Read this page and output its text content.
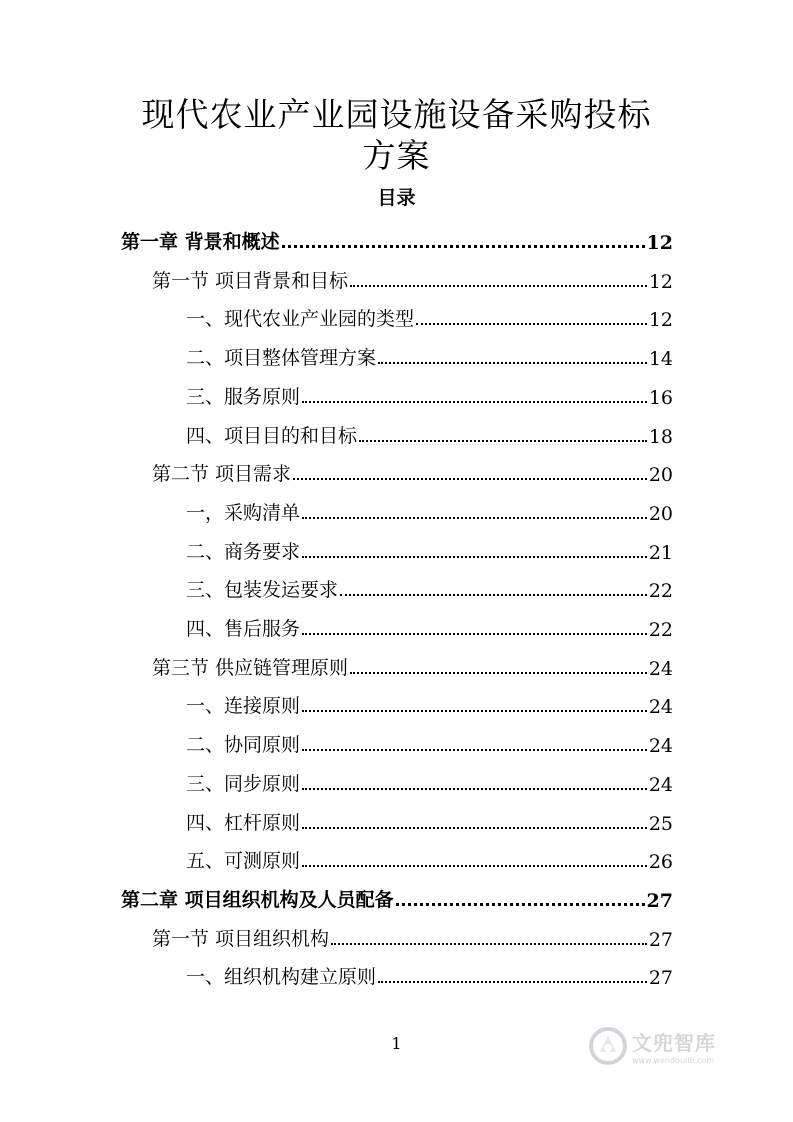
现代农业产业园设施设备采购投标
方案
目录
第一章 背景和概述	12
第一节 项目背景和目标	12
一、现代农业产业园的类型	12
二、项目整体管理方案	14
三、服务原则	16
四、项目目的和目标	18
第二节 项目需求	20
一，采购清单	20
二、商务要求	21
三、包装发运要求	22
四、售后服务	22
第三节 供应链管理原则	24
一、连接原则	24
二、协同原则	24
三、同步原则	24
四、杠杆原则	25
五、可测原则	26
第二章 项目组织机构及人员配备	27
第一节 项目组织机构	27
一、组织机构建立原则	27
1	文兜智库
www.wendoulib.com
